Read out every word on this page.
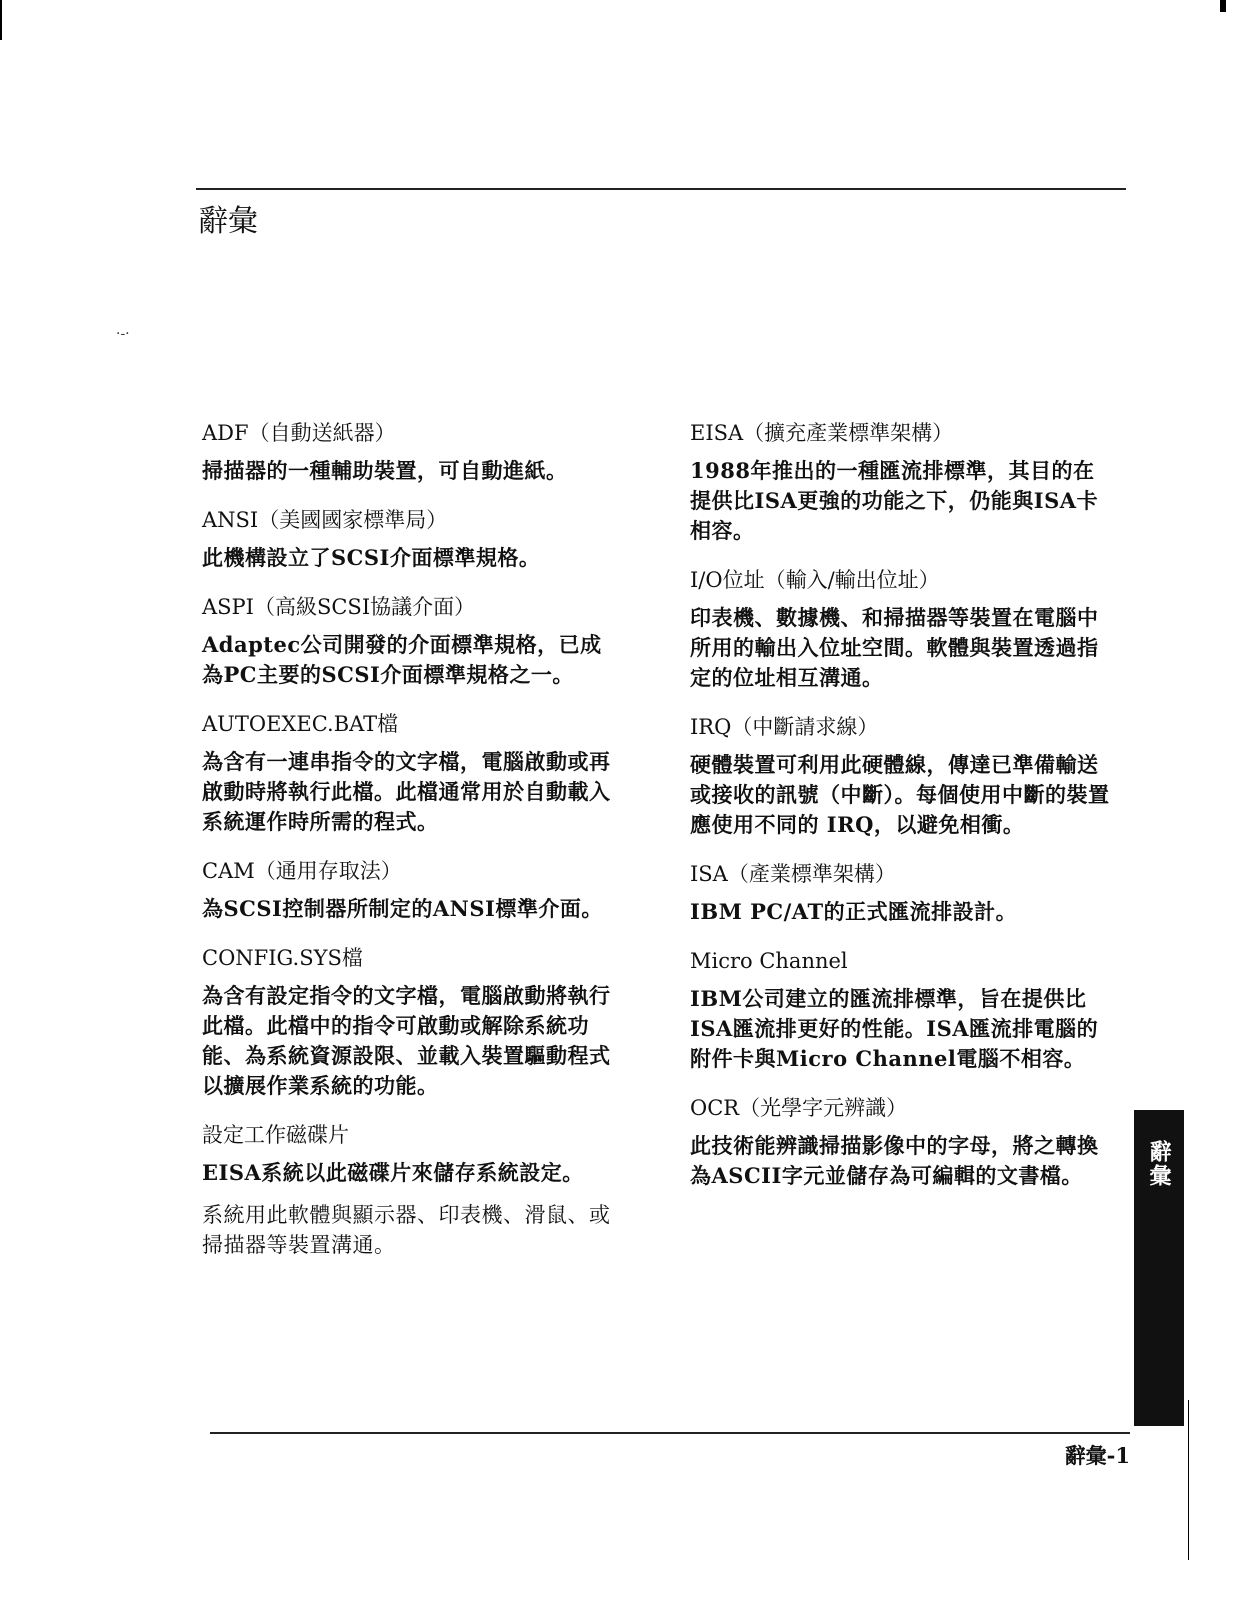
·-·
辭彙
ADF（自動送紙器）
掃描器的一種輔助裝置，可自動進紙。
ANSI（美國國家標準局）
此機構設立了SCSI介面標準規格。
ASPI（高級SCSI協議介面）
Adaptec公司開發的介面標準規格，已成為PC主要的SCSI介面標準規格之一。
AUTOEXEC.BAT檔
為含有一連串指令的文字檔，電腦啟動或再啟動時將執行此檔。此檔通常用於自動載入系統運作時所需的程式。
CAM（通用存取法）
為SCSI控制器所制定的ANSI標準介面。
CONFIG.SYS檔
為含有設定指令的文字檔，電腦啟動將執行此檔。此檔中的指令可啟動或解除系統功能、為系統資源設限、並載入裝置驅動程式以擴展作業系統的功能。
設定工作磁碟片
EISA系統以此磁碟片來儲存系統設定。
系統用此軟體與顯示器、印表機、滑鼠、或掃描器等裝置溝通。
EISA（擴充產業標準架構）
1988年推出的一種匯流排標準，其目的在提供比ISA更強的功能之下，仍能與ISA卡相容。
I/O位址（輸入/輸出位址）
印表機、數據機、和掃描器等裝置在電腦中所用的輸出入位址空間。軟體與裝置透過指定的位址相互溝通。
IRQ（中斷請求線）
硬體裝置可利用此硬體線，傳達已準備輸送或接收的訊號（中斷）。每個使用中斷的裝置應使用不同的 IRQ，以避免相衝。
ISA（產業標準架構）
IBM PC/AT的正式匯流排設計。
Micro Channel
IBM公司建立的匯流排標準，旨在提供比ISA匯流排更好的性能。ISA匯流排電腦的附件卡與Micro Channel電腦不相容。
OCR（光學字元辨識）
此技術能辨識掃描影像中的字母，將之轉換為ASCII字元並儲存為可編輯的文書檔。	辭彙
辭彙-1
